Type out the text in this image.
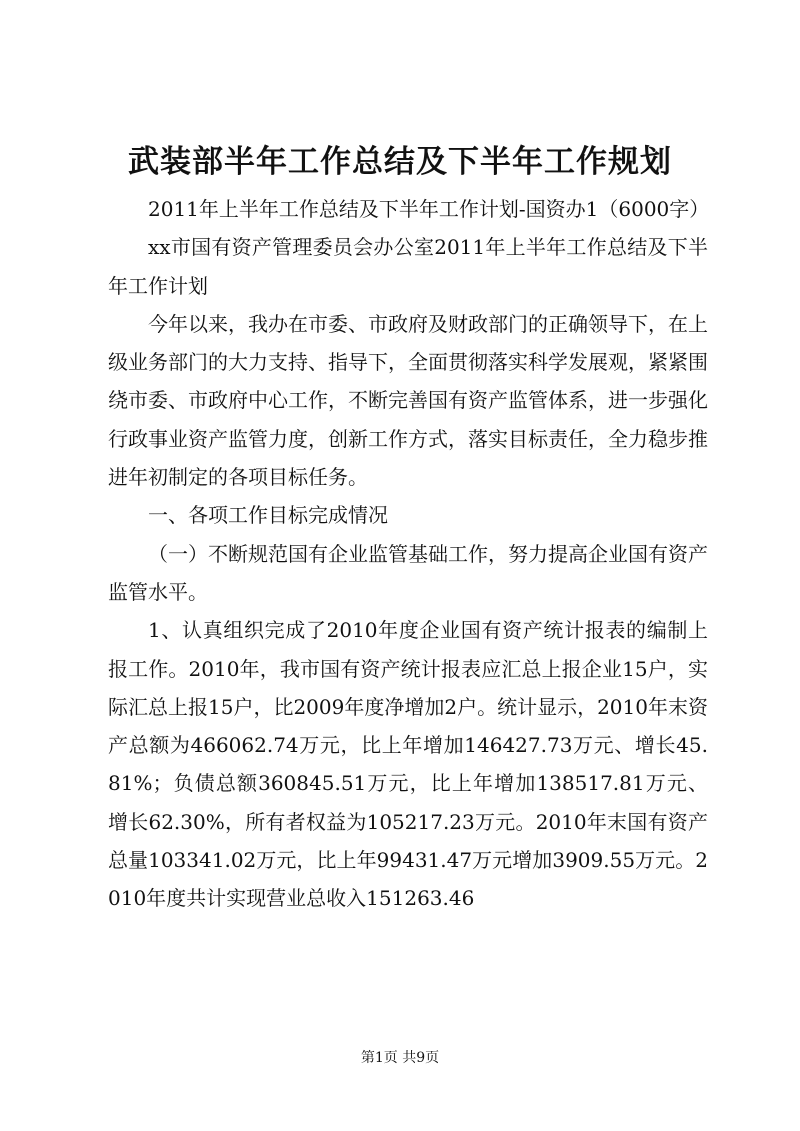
武装部半年工作总结及下半年工作规划

2011年上半年工作总结及下半年工作计划-国资办1（6000字）

xx市国有资产管理委员会办公室2011年上半年工作总结及下半年工作计划

今年以来，我办在市委、市政府及财政部门的正确领导下，在上级业务部门的大力支持、指导下，全面贯彻落实科学发展观，紧紧围绕市委、市政府中心工作，不断完善国有资产监管体系，进一步强化行政事业资产监管力度，创新工作方式，落实目标责任，全力稳步推进年初制定的各项目标任务。

一、各项工作目标完成情况

（一）不断规范国有企业监管基础工作，努力提高企业国有资产监管水平。

1、认真组织完成了2010年度企业国有资产统计报表的编制上报工作。2010年，我市国有资产统计报表应汇总上报企业15户，实际汇总上报15户，比2009年度净增加2户。统计显示，2010年末资产总额为466062.74万元，比上年增加146427.73万元、增长45.81%；负债总额360845.51万元，比上年增加138517.81万元、增长62.30%，所有者权益为105217.23万元。2010年末国有资产总量103341.02万元，比上年99431.47万元增加3909.55万元。2010年度共计实现营业总收入151263.46

第1页 共9页
